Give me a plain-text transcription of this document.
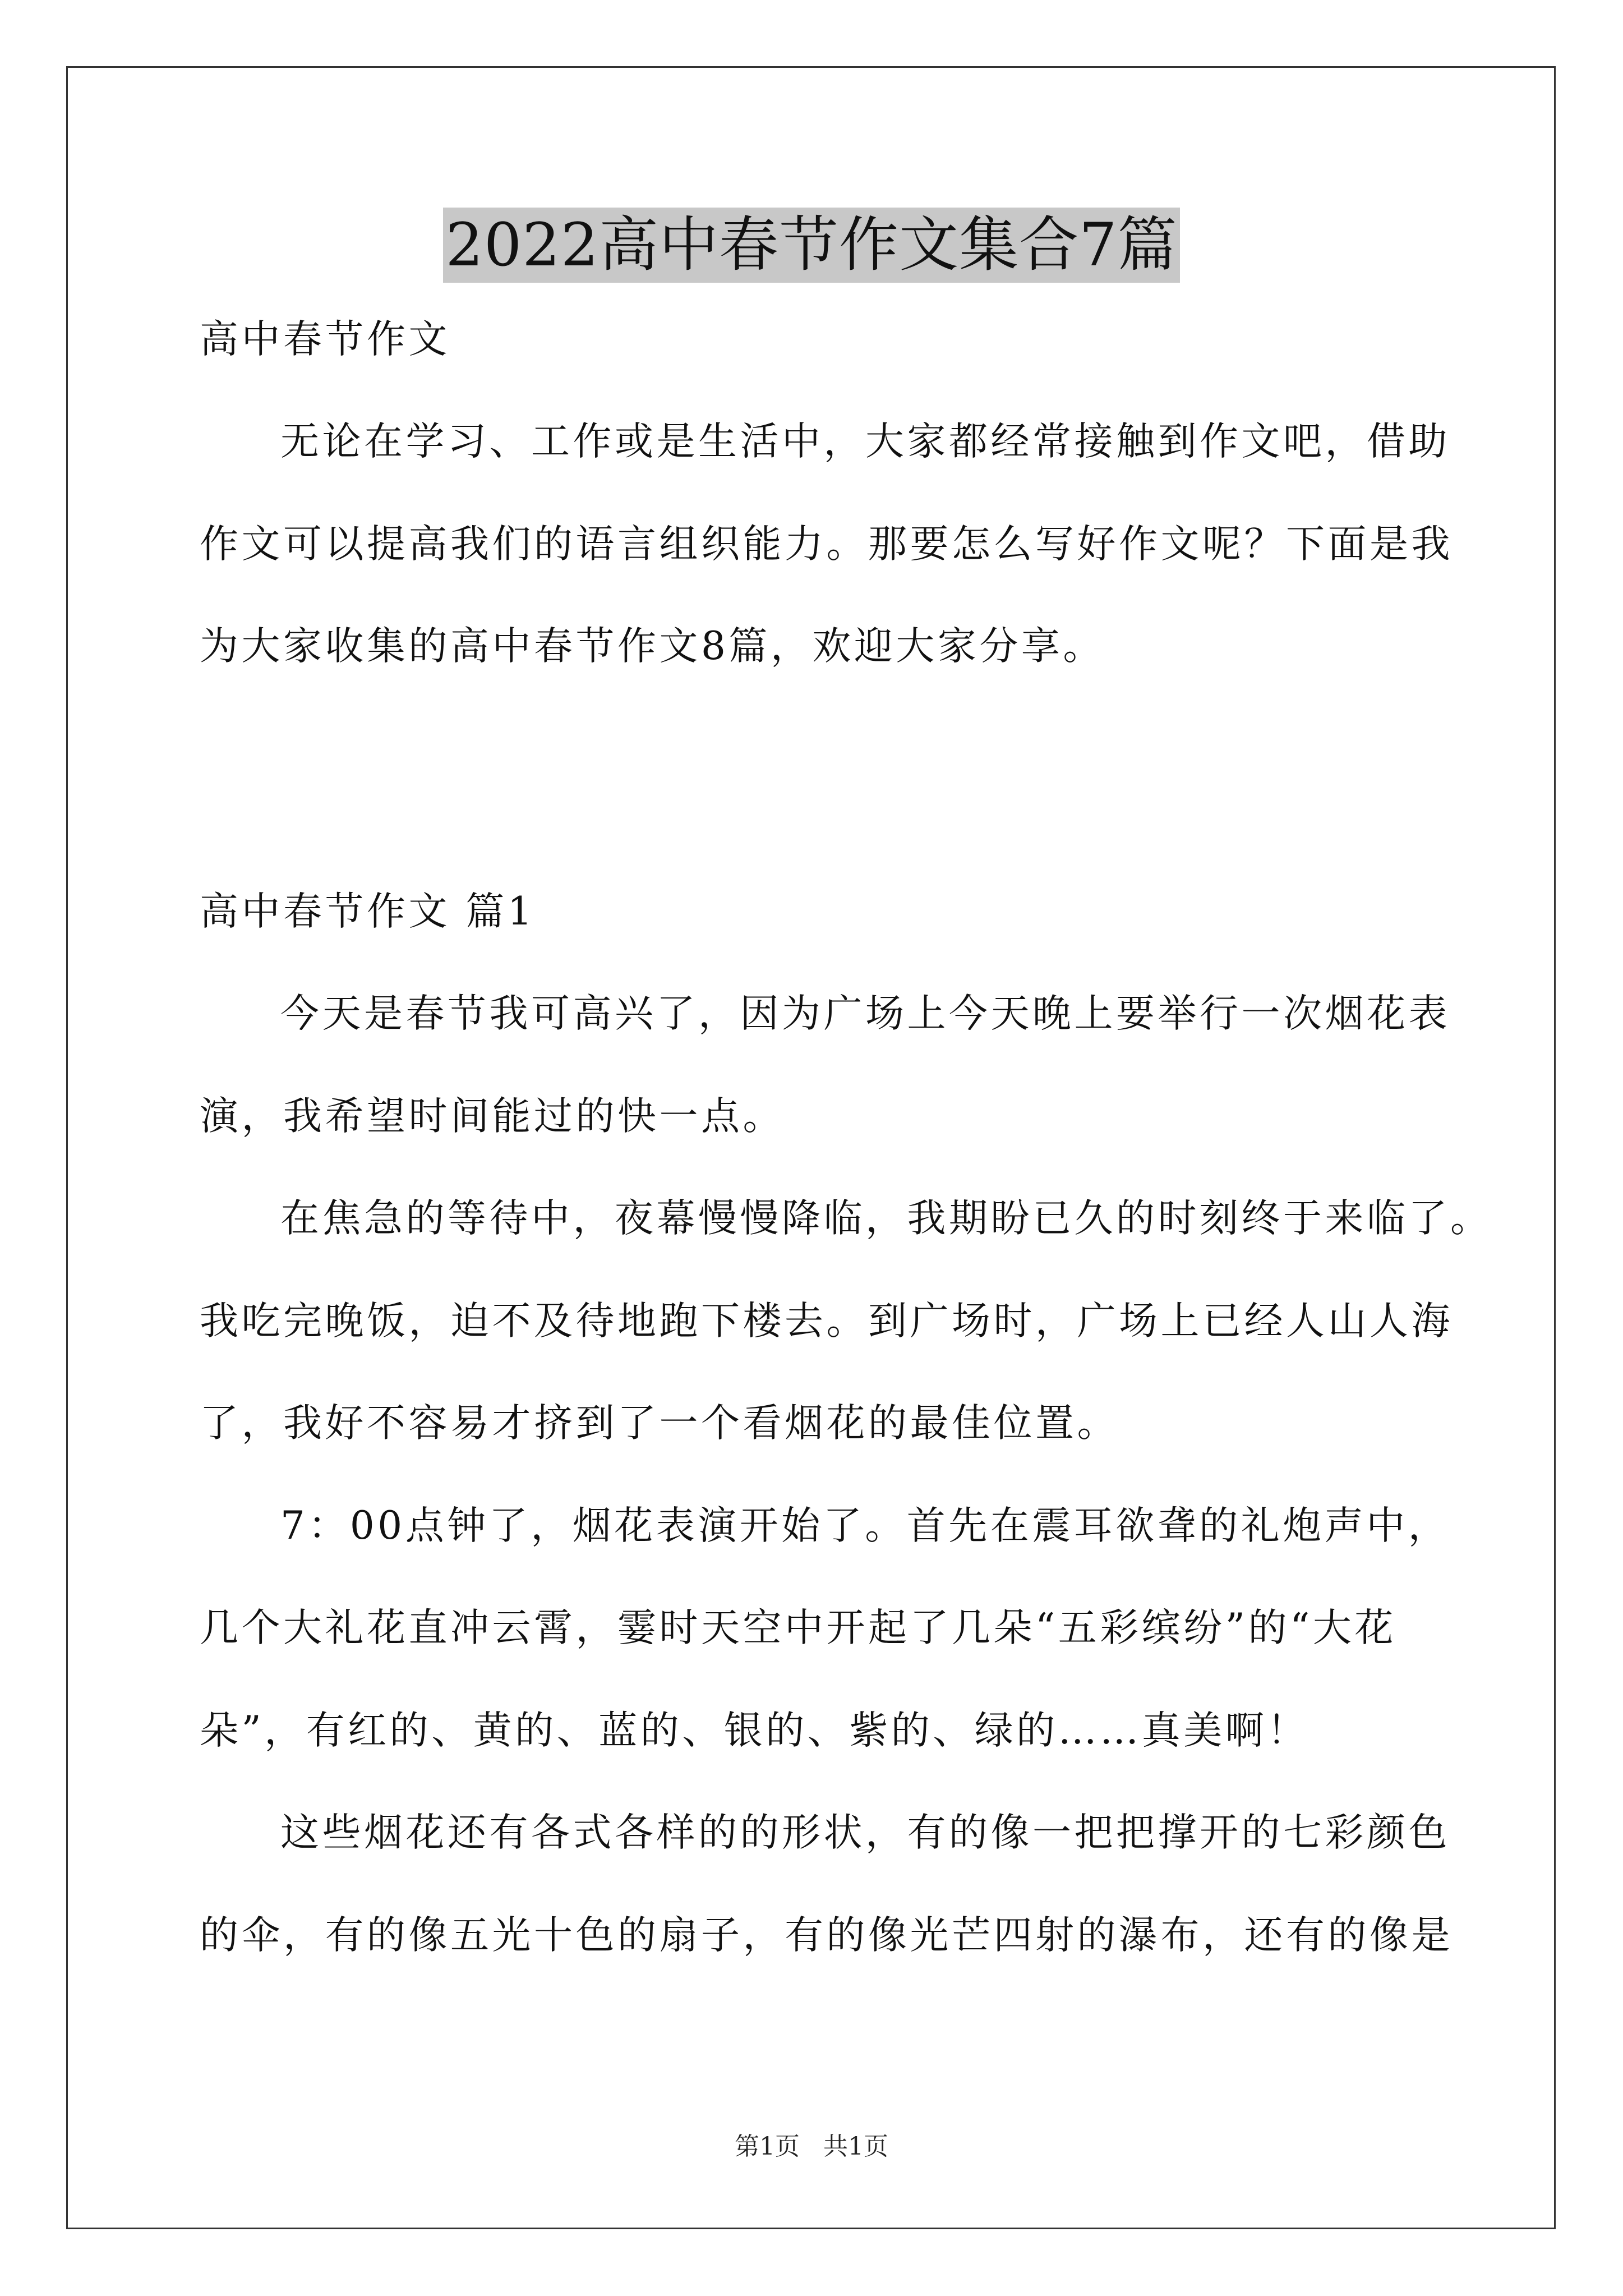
2022高中春节作文集合7篇
高中春节作文
无论在学习、工作或是生活中，大家都经常接触到作文吧，借助
作文可以提高我们的语言组织能力。那要怎么写好作文呢？下面是我
为大家收集的高中春节作文8篇，欢迎大家分享。
高中春节作文 篇1
今天是春节我可高兴了，因为广场上今天晚上要举行一次烟花表
演，我希望时间能过的快一点。
在焦急的等待中，夜幕慢慢降临，我期盼已久的时刻终于来临了。
我吃完晚饭，迫不及待地跑下楼去。到广场时，广场上已经人山人海
了，我好不容易才挤到了一个看烟花的最佳位置。
7：00点钟了，烟花表演开始了。首先在震耳欲聋的礼炮声中，
几个大礼花直冲云霄，霎时天空中开起了几朵“五彩缤纷”的“大花
朵”，有红的、黄的、蓝的、银的、紫的、绿的……真美啊！
这些烟花还有各式各样的的形状，有的像一把把撑开的七彩颜色
的伞，有的像五光十色的扇子，有的像光芒四射的瀑布，还有的像是
第1页   共1页
